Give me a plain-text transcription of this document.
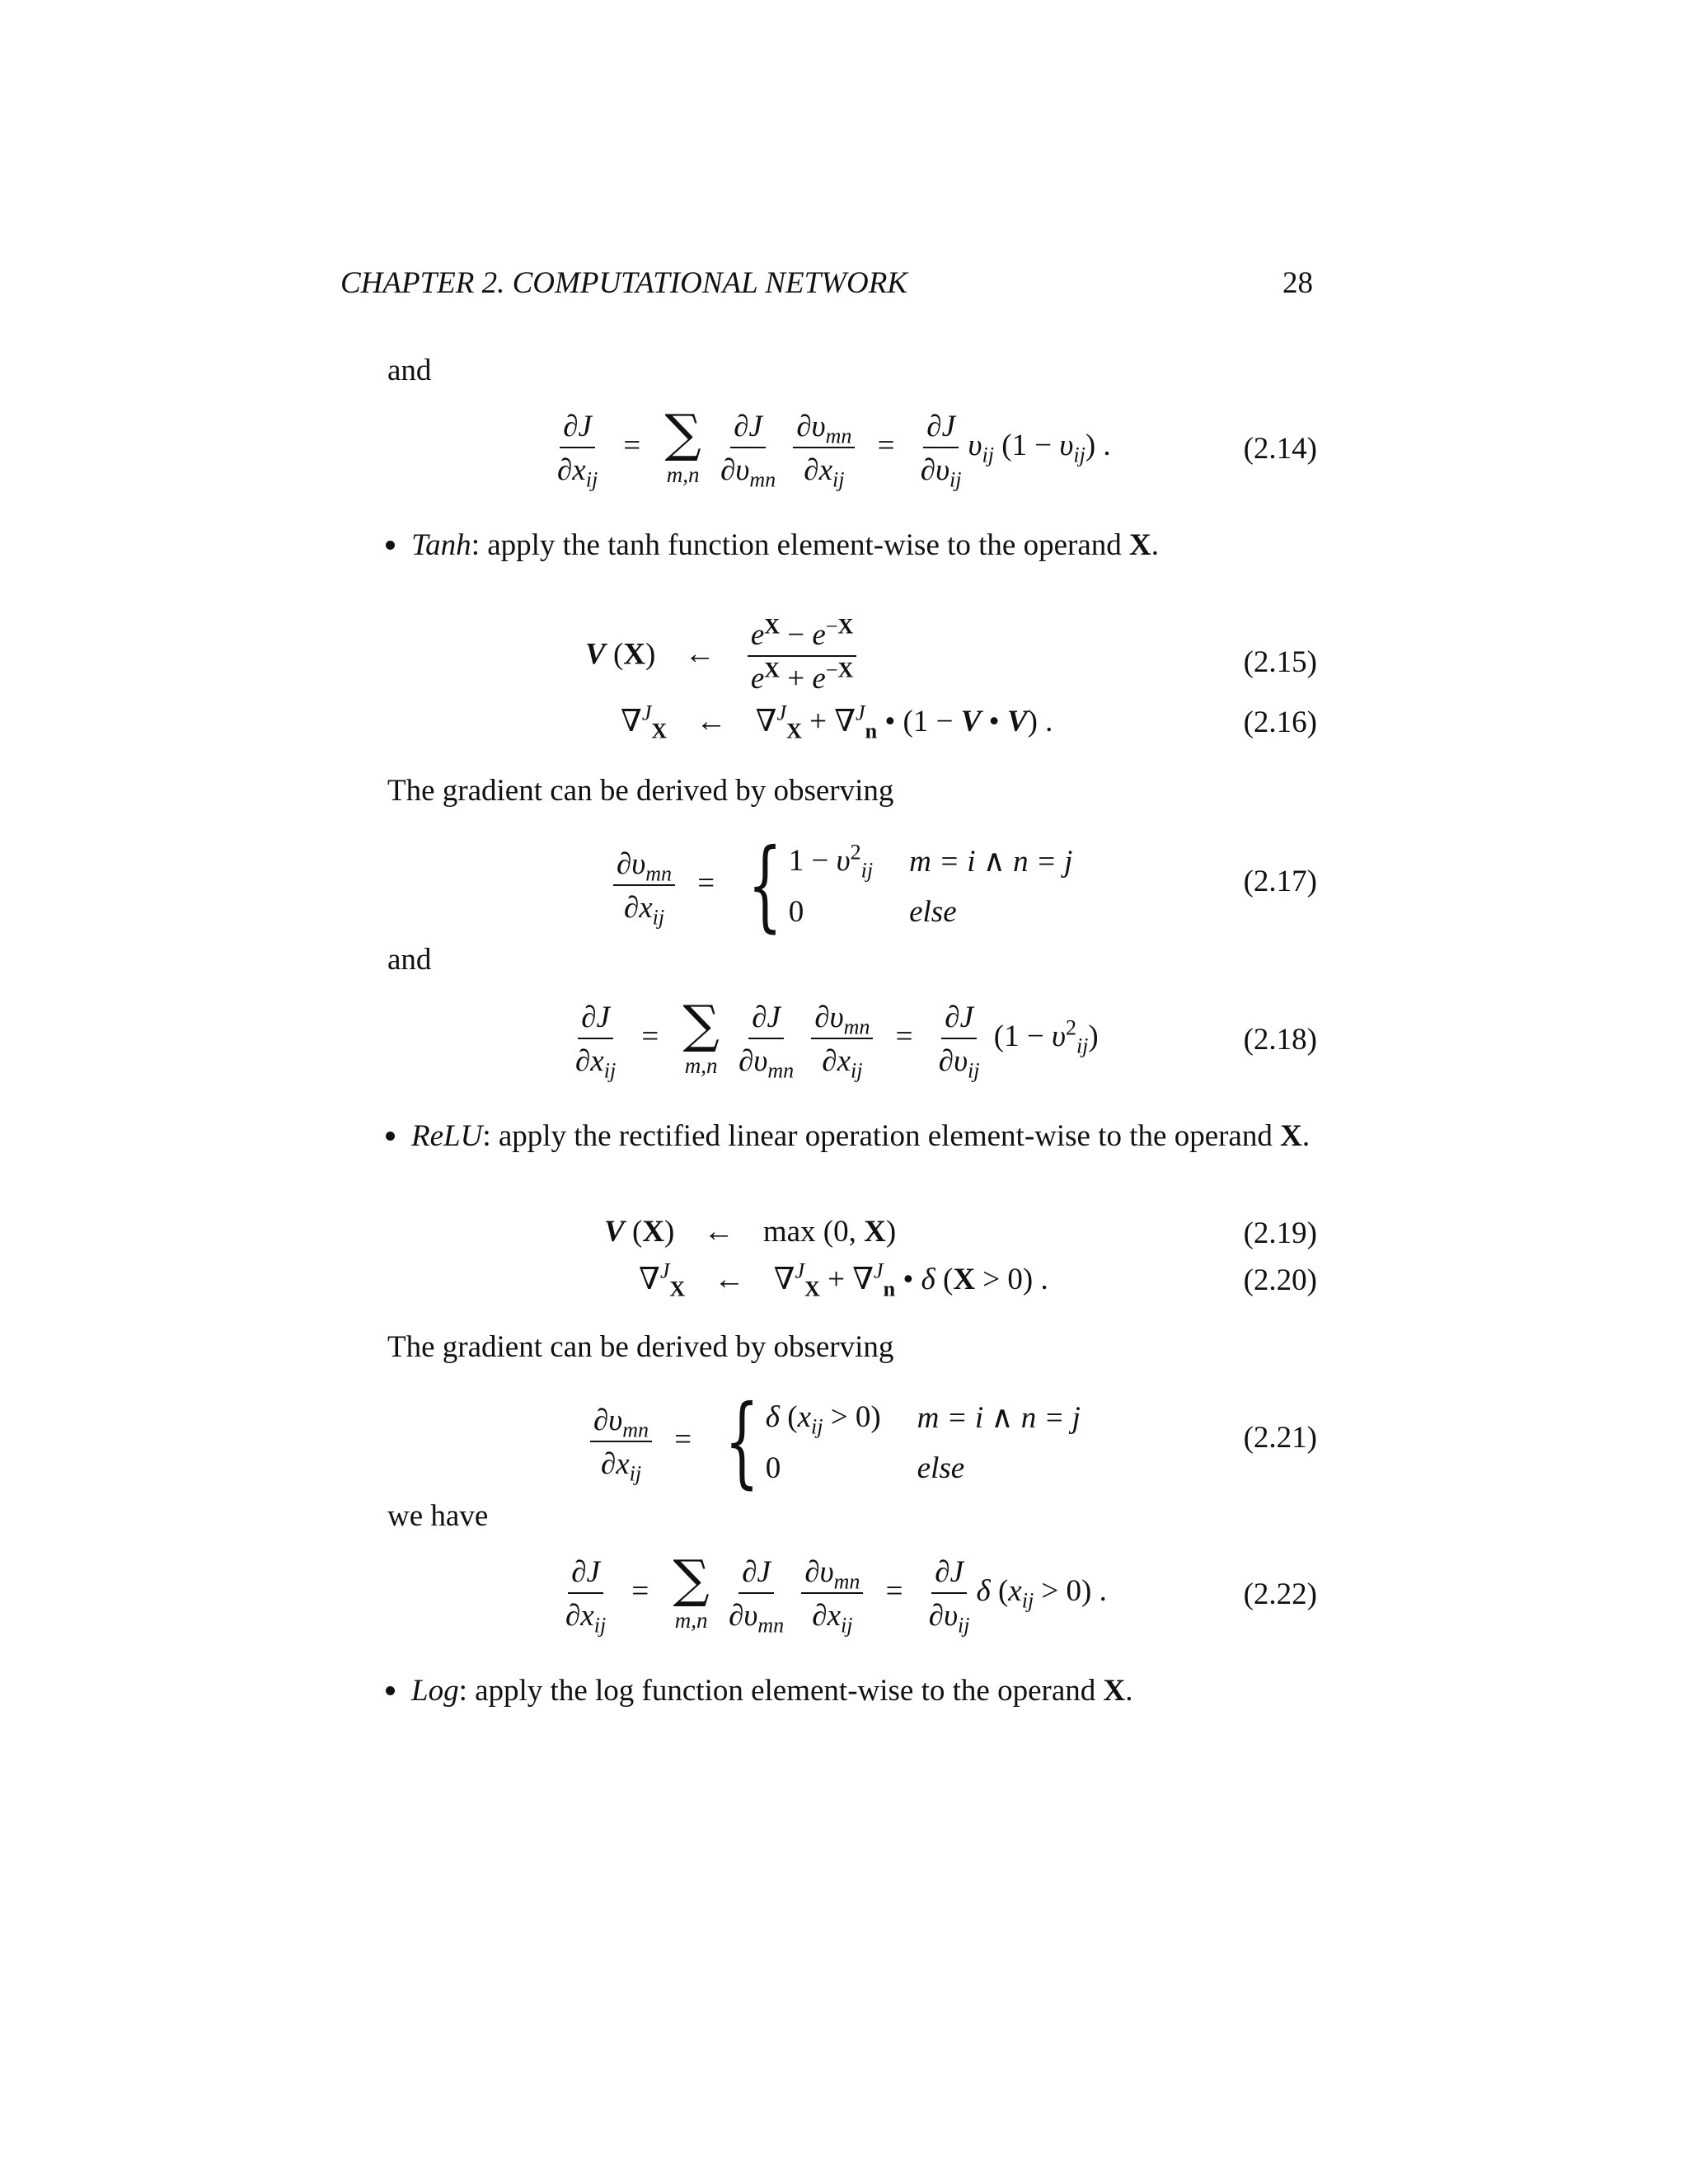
CHAPTER 2. COMPUTATIONAL NETWORK	28
and
$\frac{\partial J}{\partial x_{ij}}$ = ∑
m,n
$\frac{\partial J}{\partial\upsilon_{mn}}$
$\frac{\partial\upsilon_{mn}}{\partial x_{ij}} = \frac{\partial J}{\partial\upsilon_{ij}} \upsilon_{ij}$ $(1 - \upsilon_{ij})$ .	(2.14)
Tanh: apply the tanh function element-wise to the operand X.
V (X) ← $\frac{e^X - e^{-X}}{e^X + e^{-X}}$	(2.15)
∇$^J_X$ ← ∇$^J_X$ + ∇$^J_n$ • (1 − V • V) .	(2.16)
The gradient can be derived by observing
$\frac{\partial\upsilon_{mn}}{\partial x_{ij}}$ = { $1 - \upsilon^2_{ij}$ m = i ∧ n = j
0	else
(2.17)
and
$\frac{\partial J}{\partial x_{ij}}$ = ∑
m,n
$\frac{\partial J}{\partial\upsilon_{mn}}$
$\frac{\partial\upsilon_{mn}}{\partial x_{ij}} = \frac{\partial J}{\partial\upsilon_{ij}} (1 - \upsilon^2_{ij})$	(2.18)
ReLU: apply the rectified linear operation element-wise to the operand X.
V (X) ← max (0, X)	(2.19)
∇$^J_X$ ← ∇$^J_X$ + ∇$^J_n$ • δ (X > 0) .	(2.20)
The gradient can be derived by observing
$\frac{\partial\upsilon_{mn}}{\partial x_{ij}}$ = { δ $(x_{ij} > 0) m = i$ ∧ n = j
0	else
(2.21)
we have
$\frac{\partial J}{\partial x_{ij}}$ = ∑
m,n
$\frac{\partial J}{\partial\upsilon_{mn}}$
$\frac{\partial\upsilon_{mn}}{\partial x_{ij}} = \frac{\partial J}{\partial\upsilon_{ij}}$ δ $(x_{ij} > 0)$ .	(2.22)
Log: apply the log function element-wise to the operand X.
